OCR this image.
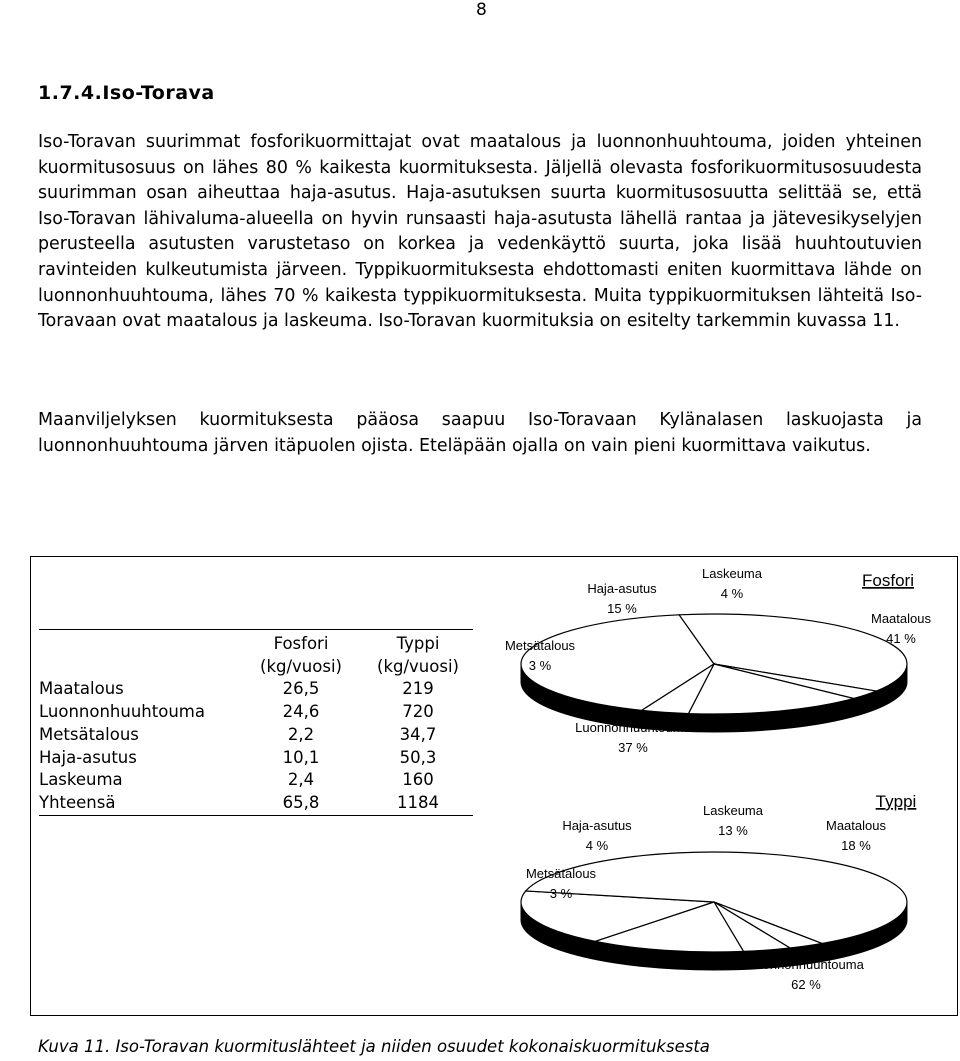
8
1.7.4.Iso-Torava

Iso-Toravan suurimmat fosforikuormittajat ovat maatalous ja luonnonhuuhtouma, joiden yhteinen kuormitusosuus on lähes 80 % kaikesta kuormituksesta. Jäljellä olevasta fosforikuormitusosuudesta suurimman osan aiheuttaa haja-asutus. Haja-asutuksen suurta kuormitusosuutta selittää se, että Iso-Toravan lähivaluma-alueella on hyvin runsaasti haja-asutusta lähellä rantaa ja jätevesikyselyjen perusteella asutusten varustetaso on korkea ja vedenkäyttö suurta, joka lisää huuhtoutuvien ravinteiden kulkeutumista järveen. Typpikuormituksesta ehdottomasti eniten kuormittava lähde on luonnonhuuhtouma, lähes 70 % kaikesta typpikuormituksesta. Muita typpikuormituksen lähteitä Iso-Toravaan ovat maatalous ja laskeuma. Iso-Toravan kuormituksia on esitelty tarkemmin kuvassa 11.

Maanviljelyksen kuormituksesta pääosa saapuu Iso-Toravaan Kylänalasen laskuojasta ja luonnonhuuhtouma järven itäpuolen ojista. Eteläpään ojalla on vain pieni kuormittava vaikutus.

	Fosfori	Typpi
	(kg/vuosi)	(kg/vuosi)
Maatalous	26,5	219
Luonnonhuuhtouma	24,6	720
Metsätalous	2,2	34,7
Haja-asutus	10,1	50,3
Laskeuma	2,4	160
Yhteensä	65,8	1184
Maatalous
41 %
Luonnonhuuhtouma
37 %
Metsätalous
3 %
Haja-asutus
15 %
Laskeuma
4 %
Fosfori
Maatalous
18 %
Luonnonhuuhtouma
62 %
Metsätalous
3 %
Haja-asutus
4 %
Laskeuma
13 %
Typpi

Kuva 11. Iso-Toravan kuormituslähteet ja niiden osuudet kokonaiskuormituksesta
